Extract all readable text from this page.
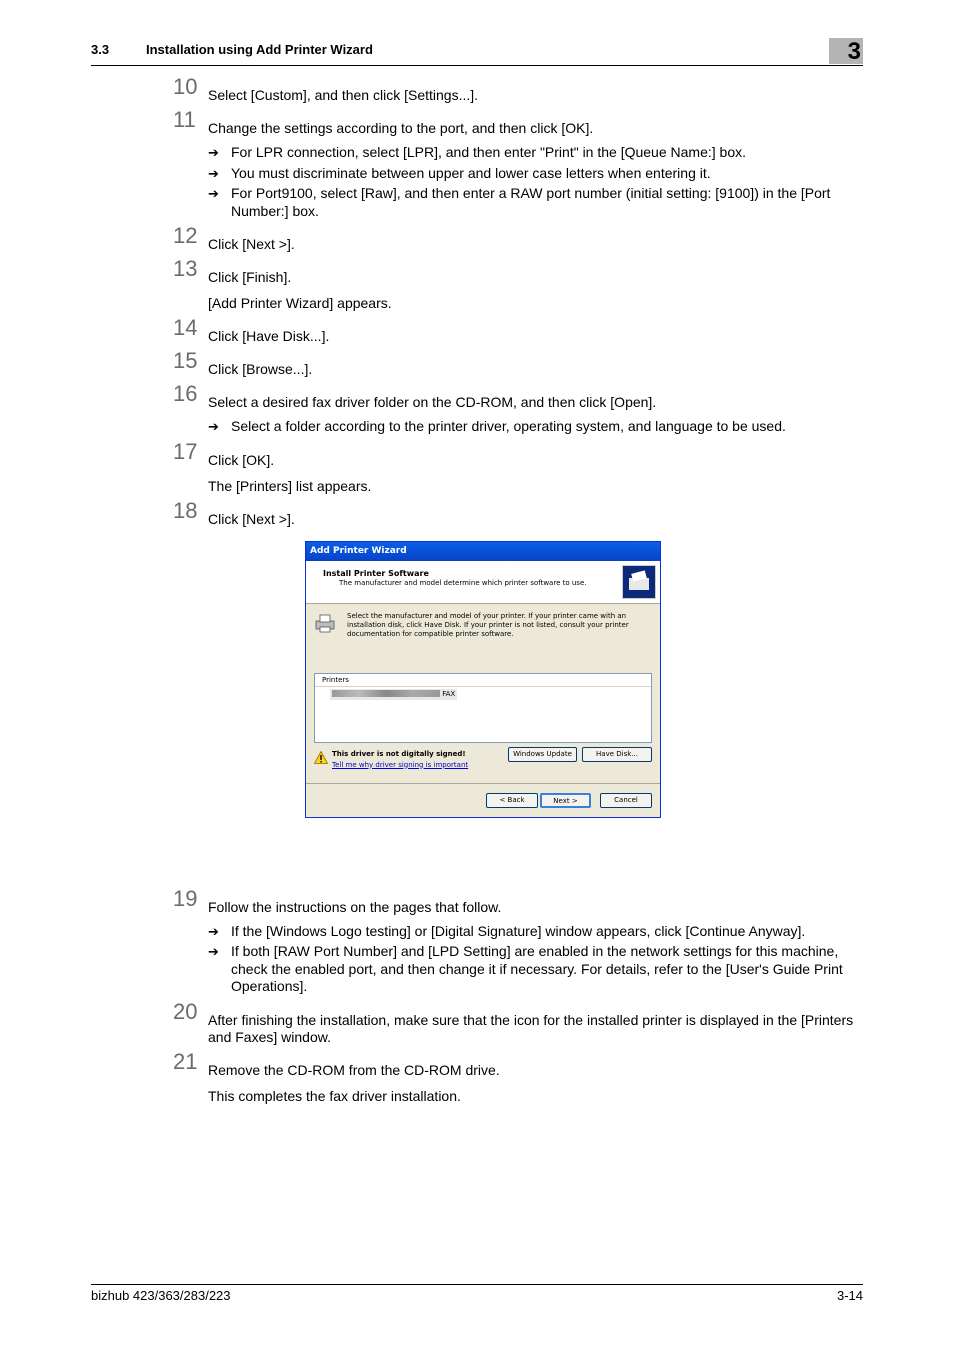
3.3	Installation using Add Printer Wizard	3
10 Select [Custom], and then click [Settings...].
11 Change the settings according to the port, and then click [OK].
➔ For LPR connection, select [LPR], and then enter "Print" in the [Queue Name:] box.
➔ You must discriminate between upper and lower case letters when entering it.
➔ For Port9100, select [Raw], and then enter a RAW port number (initial setting: [9100]) in the [Port Number:] box.
12 Click [Next >].
13 Click [Finish].
[Add Printer Wizard] appears.
14 Click [Have Disk...].
15 Click [Browse...].
16 Select a desired fax driver folder on the CD-ROM, and then click [Open].
➔ Select a folder according to the printer driver, operating system, and language to be used.
17 Click [OK].
The [Printers] list appears.
18 Click [Next >].
Add Printer Wizard
Install Printer Software
The manufacturer and model determine which printer software to use.
Select the manufacturer and model of your printer. If your printer came with an installation disk, click Have Disk. If your printer is not listed, consult your printer documentation for compatible printer software.
Printers
FAX
This driver is not digitally signed!
Tell me why driver signing is important
Windows Update	Have Disk...
< Back	Next >	Cancel
19 Follow the instructions on the pages that follow.
➔ If the [Windows Logo testing] or [Digital Signature] window appears, click [Continue Anyway].
➔ If both [RAW Port Number] and [LPD Setting] are enabled in the network settings for this machine, check the enabled port, and then change it if necessary. For details, refer to the [User's Guide Print Operations].
20 After finishing the installation, make sure that the icon for the installed printer is displayed in the [Printers and Faxes] window.
21 Remove the CD-ROM from the CD-ROM drive.
This completes the fax driver installation.
bizhub 423/363/283/223	3-14
